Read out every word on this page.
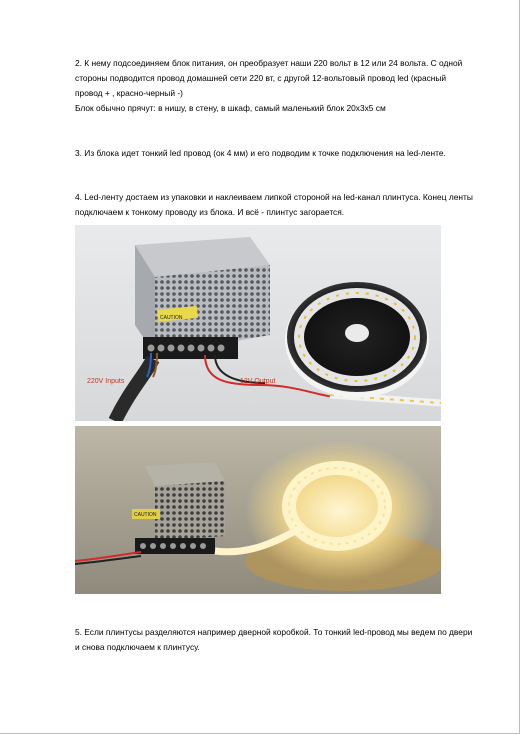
2. К нему подсоединяем блок питания, он преобразует наши 220 вольт в 12 или 24 вольта. С одной стороны подводится провод домашней сети 220 вт, с другой 12-вольтовый провод led (красный провод + , красно-черный -)

Блок обычно прячут: в нишу, в стену, в шкаф, самый маленький блок 20х3х5 см

3. Из блока идет тонкий led провод (ок 4 мм) и его подводим к точке подключения на led-ленте.

4. Led-ленту достаем из упаковки и наклеиваем липкой стороной на led-канал плинтуса. Конец ленты подключаем к тонкому проводу из блока. И всё - плинтус загорается.

CAUTION
220V Inputs	12V Output
CAUTION

5. Если плинтусы разделяются например дверной коробкой. То тонкий led-провод мы ведем по двери и снова подключаем к плинтусу.
